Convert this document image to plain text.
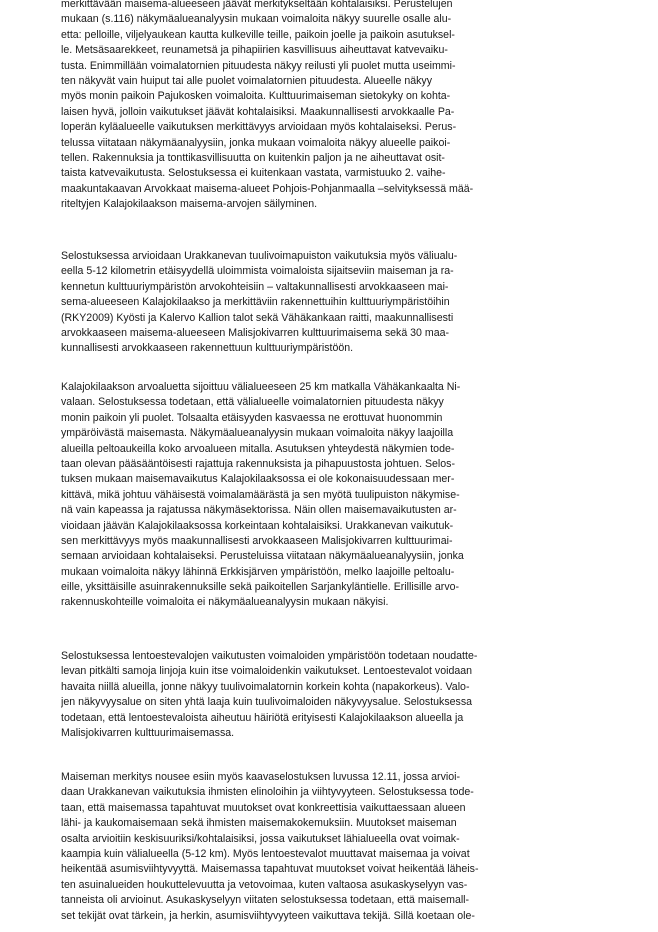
merkittävään maisema-alueeseen jäävät merkitykseltään kohtalaisiksi. Perustelujen
mukaan (s.116) näkymäalueanalyysin mukaan voimaloita näkyy suurelle osalle alu-
etta: pelloille, viljelyaukean kautta kulkeville teille, paikoin joelle ja paikoin asutuksel-
le. Metsäsaarekkeet, reunametsä ja pihapiirien kasvillisuus aiheuttavat katvevaiku-
tusta. Enimmillään voimalatornien pituudesta näkyy reilusti yli puolet mutta useimmi-
ten näkyvät vain huiput tai alle puolet voimalatornien pituudesta. Alueelle näkyy
myös monin paikoin Pajukosken voimaloita. Kulttuurimaiseman sietokyky on kohta-
laisen hyvä, jolloin vaikutukset jäävät kohtalaisiksi. Maakunnallisesti arvokkaalle Pa-
loperän kyläalueelle vaikutuksen merkittävyys arvioidaan myös kohtalaiseksi. Perus-
telussa viitataan näkymäanalyysiin, jonka mukaan voimaloita näkyy alueelle paikoi-
tellen. Rakennuksia ja tonttikasvillisuutta on kuitenkin paljon ja ne aiheuttavat osit-
taista katvevaikutusta. Selostuksessa ei kuitenkaan vastata, varmistuuko 2. vaihe-
maakuntakaavan Arvokkaat maisema-alueet Pohjois-Pohjanmaalla –selvityksessä mää-
riteltyjen Kalajokilaakson maisema-arvojen säilyminen.
Selostuksessa arvioidaan Urakkanevan tuulivoimapuiston vaikutuksia myös väliualu-
eella 5-12 kilometrin etäisyydellä uloimmista voimaloista sijaitseviin maiseman ja ra-
kennetun kulttuuriympäristön arvokohteisiin – valtakunnallisesti arvokkaaseen mai-
sema-alueeseen Kalajokilaakso ja merkittäviin rakennettuihin kulttuuriympäristöihin
(RKY2009) Kyösti ja Kalervo Kallion talot sekä Vähäkankaan raitti, maakunnallisesti
arvokkaaseen maisema-alueeseen Malisjokivarren kulttuurimaisema sekä 30 maa-
kunnallisesti arvokkaaseen rakennettuun kulttuuriympäristöön.
Kalajokilaakson arvoaluetta sijoittuu välialueeseen 25 km matkalla Vähäkankaalta Ni-
valaan. Selostuksessa todetaan, että välialueelle voimalatornien pituudesta näkyy
monin paikoin yli puolet. Tolsaalta etäisyyden kasvaessa ne erottuvat huonommin
ympäröivästä maisemasta. Näkymäalueanalyysin mukaan voimaloita näkyy laajoilla
alueilla peltoaukeilla koko arvoalueen mitalla. Asutuksen yhteydestä näkymien todе-
taan olevan pääsääntöisesti rajattuja rakennuksista ja pihapuustosta johtuen. Selos-
tuksen mukaan maisemavaikutus Kalajokilaaksossa ei ole kokonaisuudessaan mer-
kittävä, mikä johtuu vähäisestä voimalamäärästä ja sen myötä tuulipuiston näkymise-
nä vain kapeassa ja rajatussa näkymäsektorissa. Näin ollen maisemavaikutusten ar-
vioidaan jäävän Kalajokilaaksossa korkeintaan kohtalaisiksi. Urakkanevan vaikutuk-
sen merkittävyys myös maakunnallisesti arvokkaaseen Malisjokivarren kulttuurimai-
semaan arvioidaan kohtalaiseksi. Perusteluissa viitataan näkymäalueanalyysiin, jonka
mukaan voimaloita näkyy lähinnä Erkkisjärven ympäristöön, melko laajoille peltoalu-
eille, yksittäisille asuinrakennuksille sekä paikoitellen Sarjankyläntielle. Erillisille arvo-
rakennuskohteille voimaloita ei näkymäalueanalyysin mukaan näkyisi.
Selostuksessa lentoestevalojen vaikutusten voimaloiden ympäristöön todetaan noudatte-
levan pitkälti samoja linjoja kuin itse voimaloidenkin vaikutukset. Lentoestevalot voidaan
havaita niillä alueilla, jonne näkyy tuulivoimalatornin korkein kohta (napakorkeus). Valo-
jen näkyvyysalue on siten yhtä laaja kuin tuulivoimaloiden näkyvyysalue. Selostuksessa
todetaan, että lentoestevaloista aiheutuu häiriötä erityisesti Kalajokilaakson alueella ja
Malisjokivarren kulttuurimaisemassa.
Maiseman merkitys nousee esiin myös kaavaselostuksen luvussa 12.11, jossa arvioi-
daan Urakkanevan vaikutuksia ihmisten elinoloihin ja viihtyvyyteen. Selostuksessa tode-
taan, että maisemassa tapahtuvat muutokset ovat konkreettisia vaikuttaessaan alueen
lähi- ja kaukomaisemaan sekä ihmisten maisemakokemuksiin. Muutokset maiseman
osalta arvioitiin keskisuuriksi/kohtalaisiksi, jossa vaikutukset lähialueella ovat voimak-
kaampia kuin välialueella (5-12 km). Myös lentoestevalot muuttavat maisemaa ja voivat
heikentää asumisviihtyvyyttä. Maisemassa tapahtuvat muutokset voivat heikentää läheis-
ten asuinalueiden houkuttelevuutta ja vetovoimaa, kuten valtaosa asukaskyselyyn vas-
tanneista oli arvioinut. Asukaskyselyyn viitaten selostuksessa todetaan, että maisemall-
set tekijät ovat tärkein, ja herkin, asumisviihtyvyyteen vaikuttava tekijä. Sillä koetaan ole-
